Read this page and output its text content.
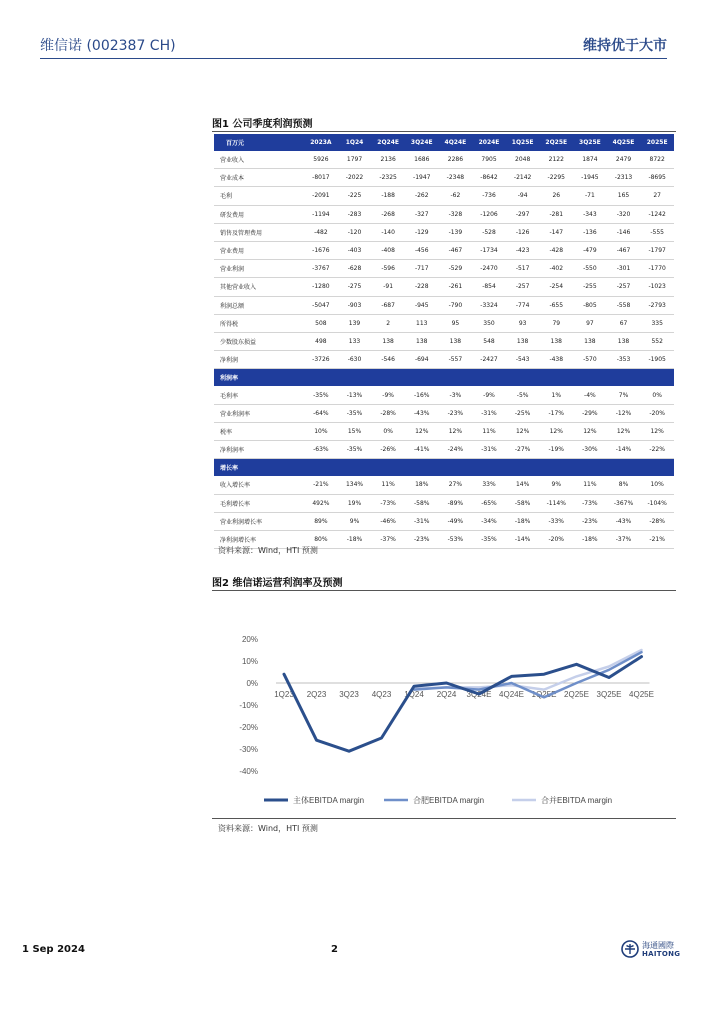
维信诺 (002387 CH)	维持优于大市
图1 公司季度利润预测
百万元	2023A	1Q24	2Q24E	3Q24E	4Q24E	2024E	1Q25E	2Q25E	3Q25E	4Q25E	2025E
营业收入	5926	1797	2136	1686	2286	7905	2048	2122	1874	2479	8722
营业成本	-8017	-2022	-2325	-1947	-2348	-8642	-2142	-2295	-1945	-2313	-8695
毛利	-2091	-225	-188	-262	-62	-736	-94	26	-71	165	27
研发费用	-1194	-283	-268	-327	-328	-1206	-297	-281	-343	-320	-1242
销售及管理费用	-482	-120	-140	-129	-139	-528	-126	-147	-136	-146	-555
营业费用	-1676	-403	-408	-456	-467	-1734	-423	-428	-479	-467	-1797
营业利润	-3767	-628	-596	-717	-529	-2470	-517	-402	-550	-301	-1770
其他营业收入	-1280	-275	-91	-228	-261	-854	-257	-254	-255	-257	-1023
利润总额	-5047	-903	-687	-945	-790	-3324	-774	-655	-805	-558	-2793
所得税	508	139	2	113	95	350	93	79	97	67	335
少数股东损益	498	133	138	138	138	548	138	138	138	138	552
净利润	-3726	-630	-546	-694	-557	-2427	-543	-438	-570	-353	-1905
利润率											
毛利率	-35%	-13%	-9%	-16%	-3%	-9%	-5%	1%	-4%	7%	0%
营业利润率	-64%	-35%	-28%	-43%	-23%	-31%	-25%	-17%	-29%	-12%	-20%
税率	10%	15%	0%	12%	12%	11%	12%	12%	12%	12%	12%
净利润率	-63%	-35%	-26%	-41%	-24%	-31%	-27%	-19%	-30%	-14%	-22%
增长率											
收入增长率	-21%	134%	11%	18%	27%	33%	14%	9%	11%	8%	10%
毛利增长率	492%	19%	-73%	-58%	-89%	-65%	-58%	-114%	-73%	-367%	-104%
营业利润增长率	89%	9%	-46%	-31%	-49%	-34%	-18%	-33%	-23%	-43%	-28%
净利润增长率	80%	-18%	-37%	-23%	-53%	-35%	-14%	-20%	-18%	-37%	-21%
资料来源：Wind，HTI 预测
图2 维信诺运营利润率及预测
20%
10%
0%
-10%
-20%
-30%
-40%
1Q23 2Q23 3Q23 4Q23 1Q24 2Q24 3Q24E 4Q24E 1Q25E 2Q25E 3Q25E 4Q25E
主体EBITDA margin	合肥EBITDA margin	合并EBITDA margin
资料来源：Wind，HTI 预测
1 Sep 2024	2	海通國際
HAITONG
